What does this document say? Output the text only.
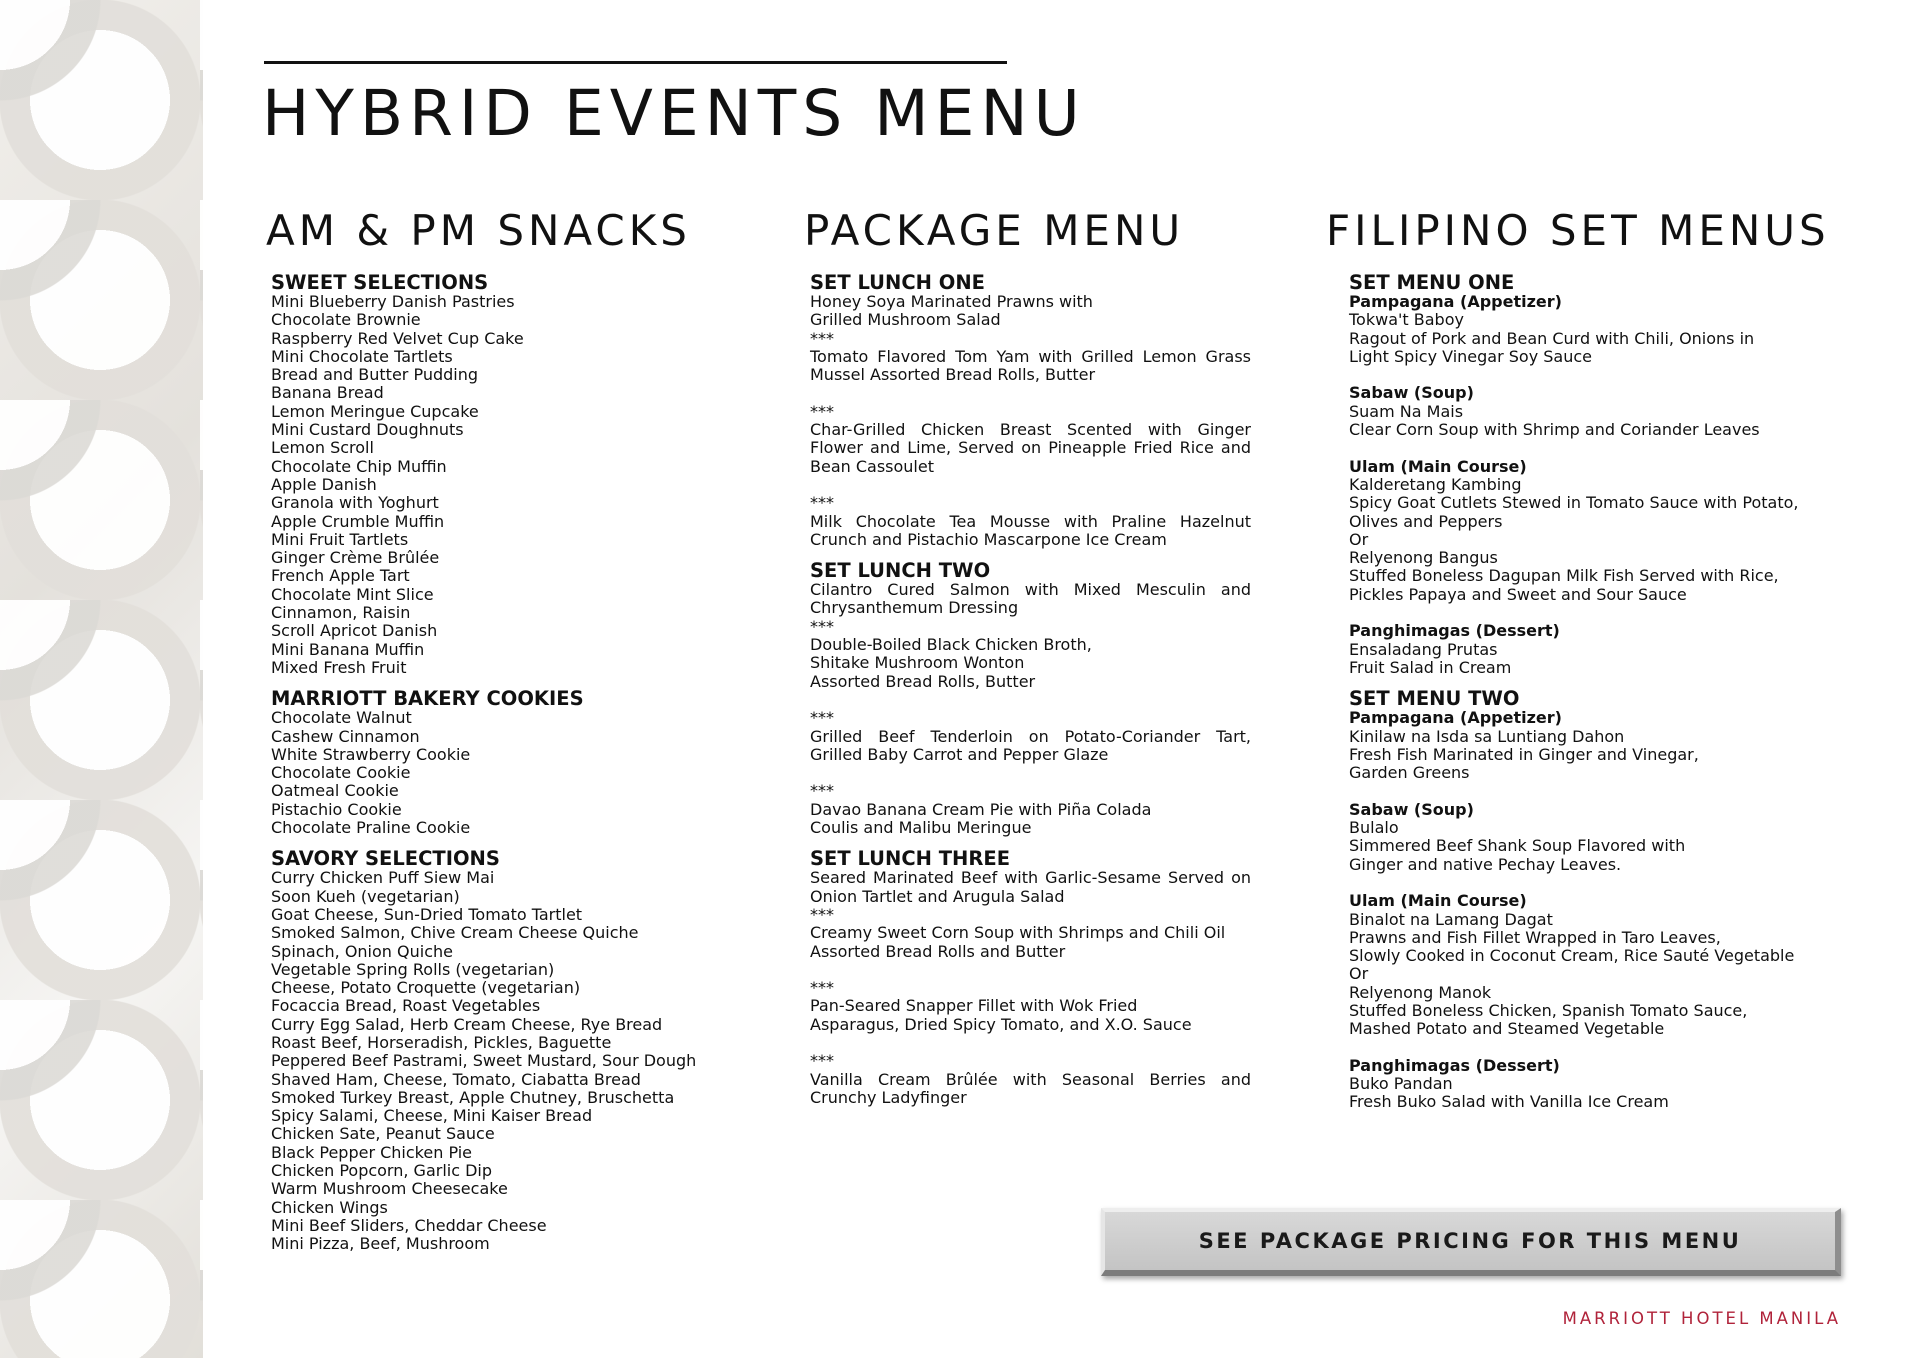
HYBRID EVENTS MENU
AM & PM SNACKS	PACKAGE MENU	FILIPINO SET MENUS
SWEET SELECTIONS
Mini Blueberry Danish Pastries
Chocolate Brownie
Raspberry Red Velvet Cup Cake
Mini Chocolate Tartlets
Bread and Butter Pudding
Banana Bread
Lemon Meringue Cupcake
Mini Custard Doughnuts
Lemon Scroll
Chocolate Chip Muffin
Apple Danish
Granola with Yoghurt
Apple Crumble Muffin
Mini Fruit Tartlets
Ginger Crème Brûlée
French Apple Tart
Chocolate Mint Slice
Cinnamon, Raisin
Scroll Apricot Danish
Mini Banana Muffin
Mixed Fresh Fruit
MARRIOTT BAKERY COOKIES
Chocolate Walnut
Cashew Cinnamon
White Strawberry Cookie
Chocolate Cookie
Oatmeal Cookie
Pistachio Cookie
Chocolate Praline Cookie
SAVORY SELECTIONS
Curry Chicken Puff Siew Mai
Soon Kueh (vegetarian)
Goat Cheese, Sun-Dried Tomato Tartlet
Smoked Salmon, Chive Cream Cheese Quiche
Spinach, Onion Quiche
Vegetable Spring Rolls (vegetarian)
Cheese, Potato Croquette (vegetarian)
Focaccia Bread, Roast Vegetables
Curry Egg Salad, Herb Cream Cheese, Rye Bread
Roast Beef, Horseradish, Pickles, Baguette
Peppered Beef Pastrami, Sweet Mustard, Sour Dough
Shaved Ham, Cheese, Tomato, Ciabatta Bread
Smoked Turkey Breast, Apple Chutney, Bruschetta
Spicy Salami, Cheese, Mini Kaiser Bread
Chicken Sate, Peanut Sauce
Black Pepper Chicken Pie
Chicken Popcorn, Garlic Dip
Warm Mushroom Cheesecake
Chicken Wings
Mini Beef Sliders, Cheddar Cheese
Mini Pizza, Beef, Mushroom
SET LUNCH ONE
Honey Soya Marinated Prawns with
Grilled Mushroom Salad
***
Tomato Flavored Tom Yam with Grilled Lemon Grass Mussel Assorted Bread Rolls, Butter
***
Char-Grilled Chicken Breast Scented with Ginger Flower and Lime, Served on Pineapple Fried Rice and Bean Cassoulet
***
Milk Chocolate Tea Mousse with Praline Hazelnut Crunch and Pistachio Mascarpone Ice Cream
SET LUNCH TWO
Cilantro Cured Salmon with Mixed Mesculin and Chrysanthemum Dressing
***
Double-Boiled Black Chicken Broth,
Shitake Mushroom Wonton
Assorted Bread Rolls, Butter
***
Grilled Beef Tenderloin on Potato-Coriander Tart, Grilled Baby Carrot and Pepper Glaze
***
Davao Banana Cream Pie with Piña Colada
Coulis and Malibu Meringue
SET LUNCH THREE
Seared Marinated Beef with Garlic-Sesame Served on Onion Tartlet and Arugula Salad
***
Creamy Sweet Corn Soup with Shrimps and Chili Oil
Assorted Bread Rolls and Butter
***
Pan-Seared Snapper Fillet with Wok Fried
Asparagus, Dried Spicy Tomato, and X.O. Sauce
***
Vanilla Cream Brûlée with Seasonal Berries and Crunchy Ladyfinger
SET MENU ONE
Pampagana (Appetizer)
Tokwa't Baboy
Ragout of Pork and Bean Curd with Chili, Onions in
Light Spicy Vinegar Soy Sauce
Sabaw (Soup)
Suam Na Mais
Clear Corn Soup with Shrimp and Coriander Leaves
Ulam (Main Course)
Kalderetang Kambing
Spicy Goat Cutlets Stewed in Tomato Sauce with Potato,
Olives and Peppers
Or
Relyenong Bangus
Stuffed Boneless Dagupan Milk Fish Served with Rice,
Pickles Papaya and Sweet and Sour Sauce
Panghimagas (Dessert)
Ensaladang Prutas
Fruit Salad in Cream
SET MENU TWO
Pampagana (Appetizer)
Kinilaw na Isda sa Luntiang Dahon
Fresh Fish Marinated in Ginger and Vinegar,
Garden Greens
Sabaw (Soup)
Bulalo
Simmered Beef Shank Soup Flavored with
Ginger and native Pechay Leaves.
Ulam (Main Course)
Binalot na Lamang Dagat
Prawns and Fish Fillet Wrapped in Taro Leaves,
Slowly Cooked in Coconut Cream, Rice Sauté Vegetable
Or
Relyenong Manok
Stuffed Boneless Chicken, Spanish Tomato Sauce,
Mashed Potato and Steamed Vegetable
Panghimagas (Dessert)
Buko Pandan
Fresh Buko Salad with Vanilla Ice Cream
SEE PACKAGE PRICING FOR THIS MENU
MARRIOTT HOTEL MANILA
